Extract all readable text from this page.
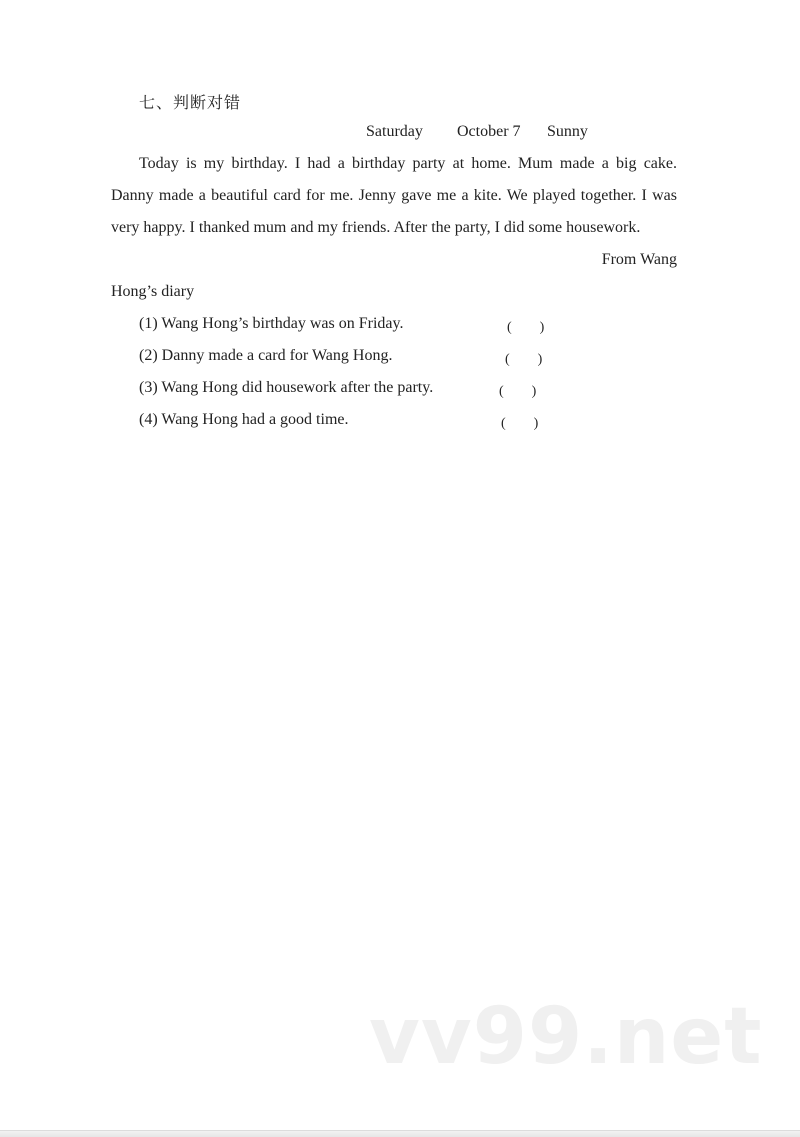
七、判断对错
Saturday October 7 Sunny
Today is my birthday. I had a birthday party at home. Mum made a big cake.
Danny made a beautiful card for me. Jenny gave me a kite. We played together. I was
very happy. I thanked mum and my friends. After the party, I did some housework.
From Wang
Hong’s diary
(1) Wang Hong’s birthday was on Friday.	(　　)
(2) Danny made a card for Wang Hong.	(　　)
(3) Wang Hong did housework after the party.	(　　)
(4) Wang Hong had a good time.	(　　)
vv99.net
